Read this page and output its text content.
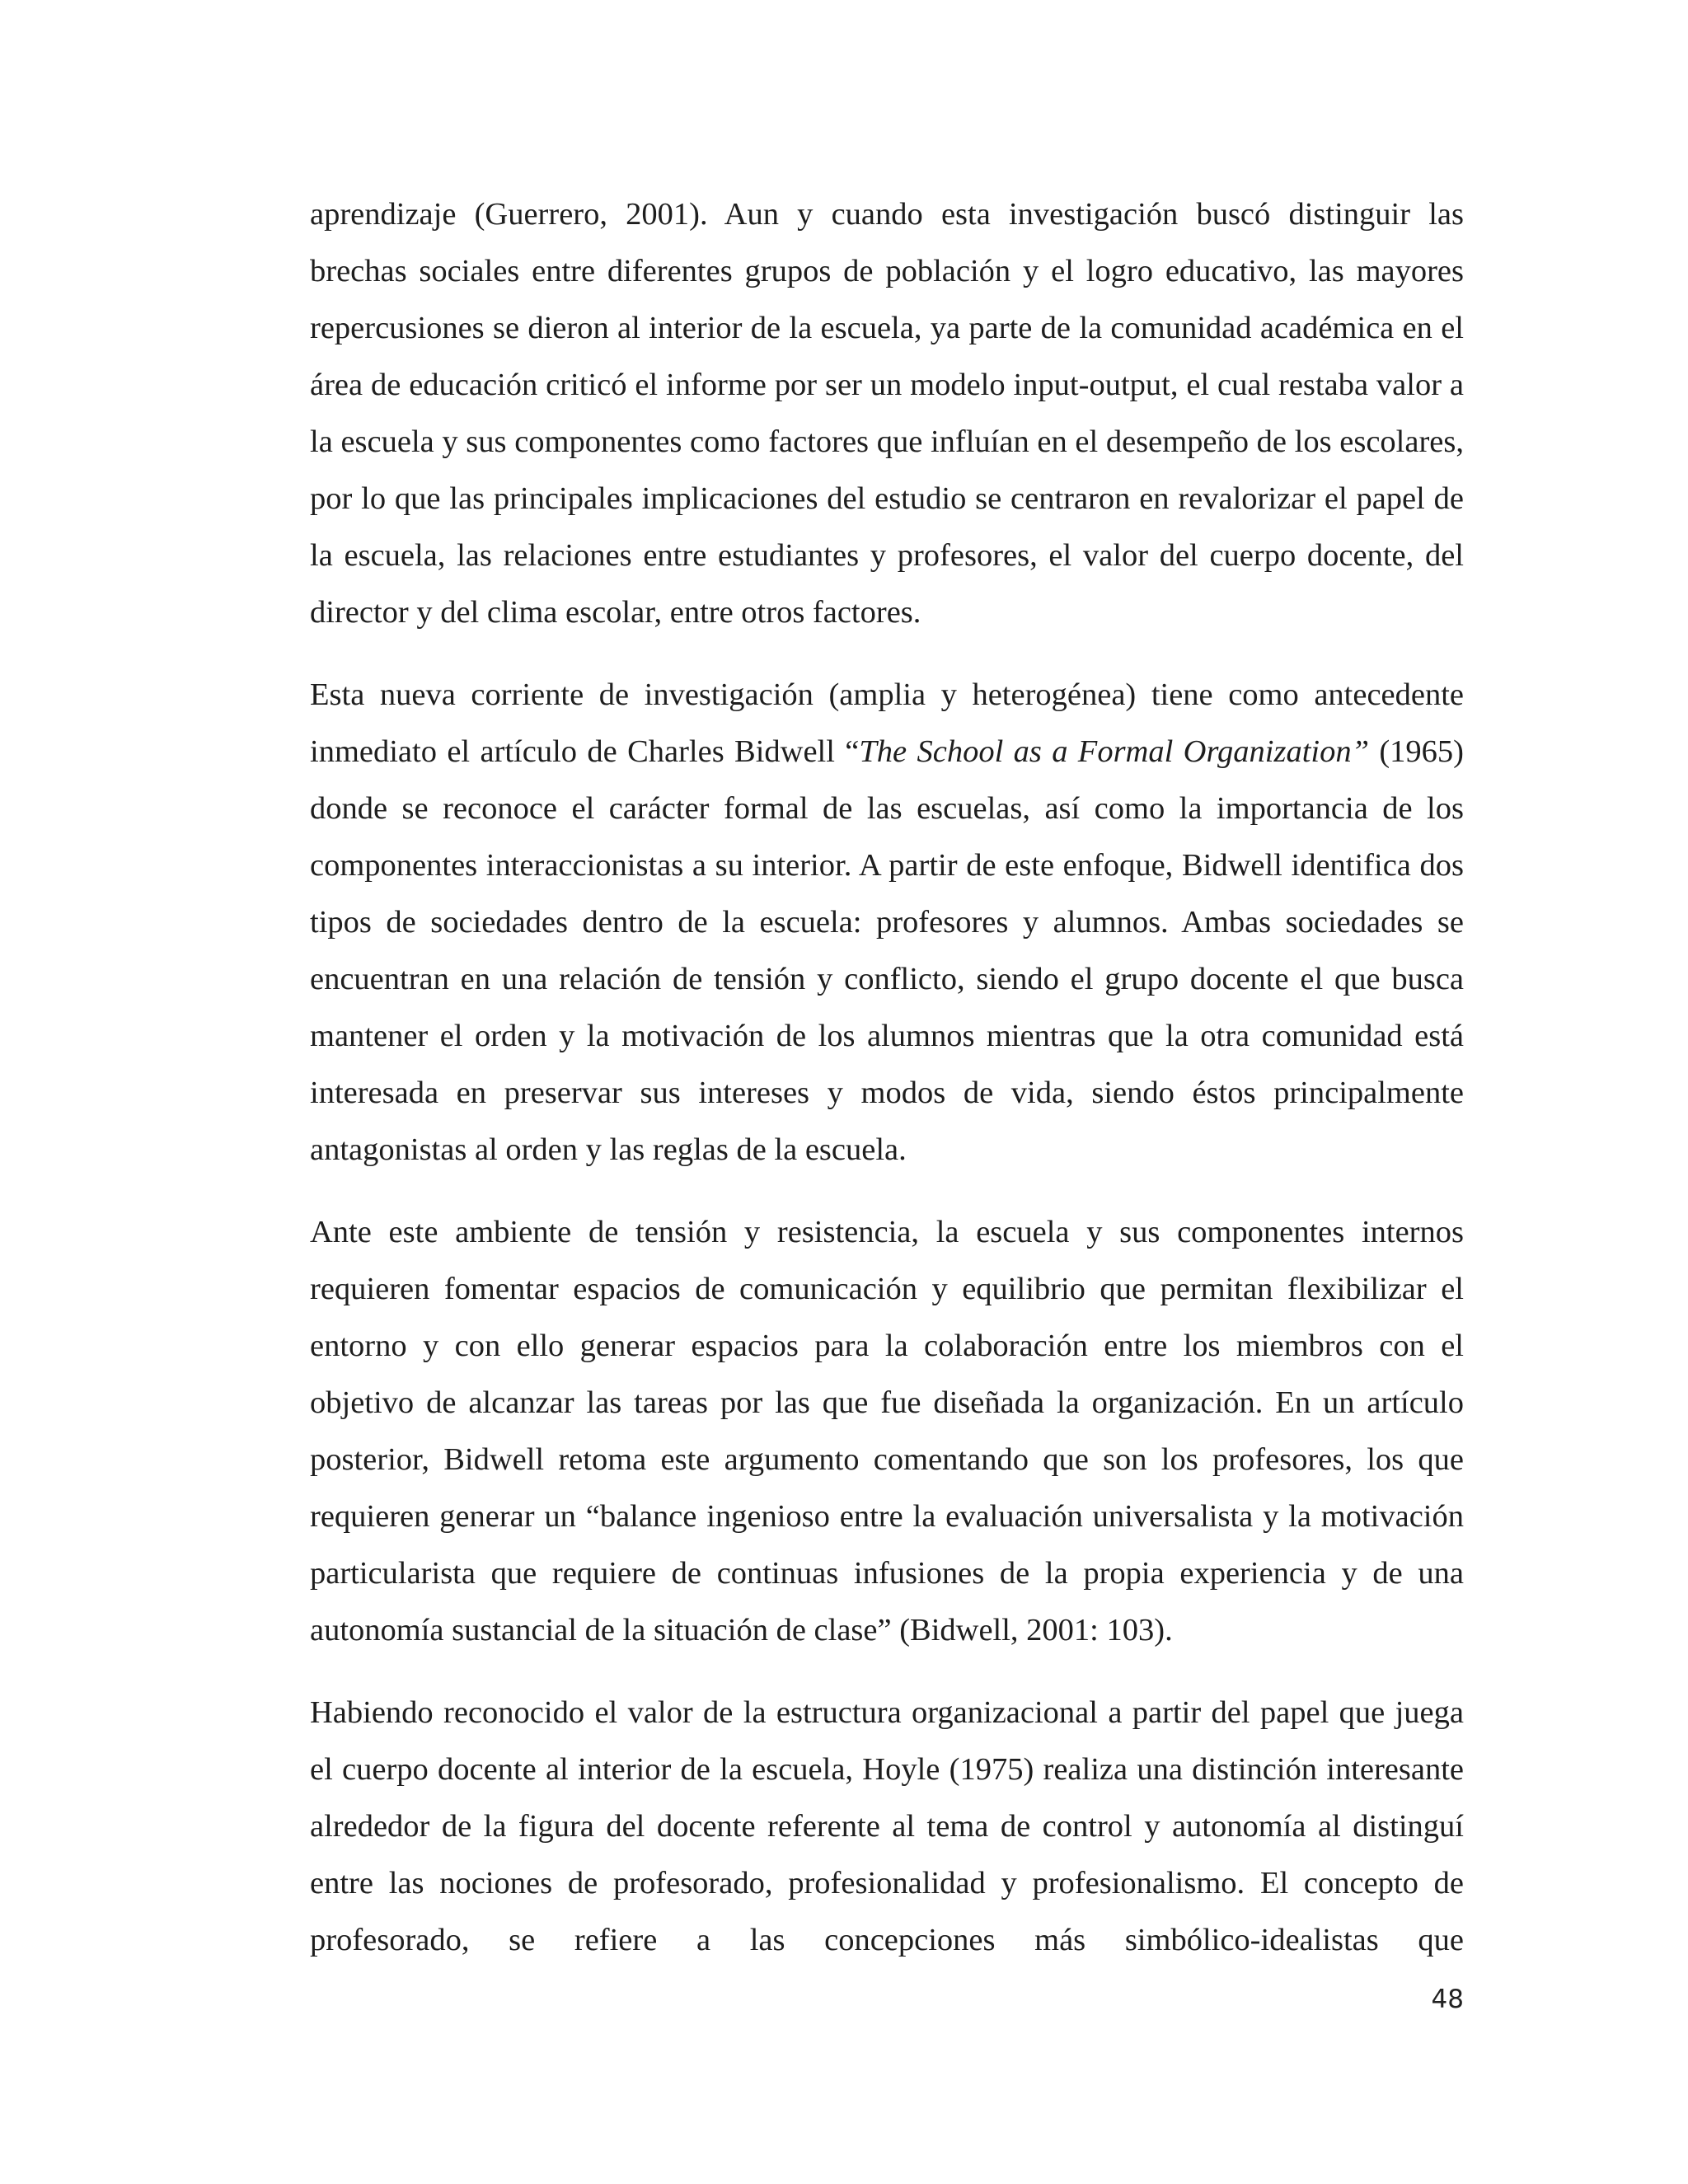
aprendizaje (Guerrero, 2001). Aun y cuando esta investigación buscó distinguir las brechas sociales entre diferentes grupos de población y el logro educativo, las mayores repercusiones se dieron al interior de la escuela, ya parte de la comunidad académica en el área de educación criticó el informe por ser un modelo input-output, el cual restaba valor a la escuela y sus componentes como factores que influían en el desempeño de los escolares, por lo que las principales implicaciones del estudio se centraron en revalorizar el papel de la escuela, las relaciones entre estudiantes y profesores, el valor del cuerpo docente, del director y del clima escolar, entre otros factores.

Esta nueva corriente de investigación (amplia y heterogénea) tiene como antecedente inmediato el artículo de Charles Bidwell “The School as a Formal Organization” (1965) donde se reconoce el carácter formal de las escuelas, así como la importancia de los componentes interaccionistas a su interior. A partir de este enfoque, Bidwell identifica dos tipos de sociedades dentro de la escuela: profesores y alumnos. Ambas sociedades se encuentran en una relación de tensión y conflicto, siendo el grupo docente el que busca mantener el orden y la motivación de los alumnos mientras que la otra comunidad está interesada en preservar sus intereses y modos de vida, siendo éstos principalmente antagonistas al orden y las reglas de la escuela.

Ante este ambiente de tensión y resistencia, la escuela y sus componentes internos requieren fomentar espacios de comunicación y equilibrio que permitan flexibilizar el entorno y con ello generar espacios para la colaboración entre los miembros con el objetivo de alcanzar las tareas por las que fue diseñada la organización. En un artículo posterior, Bidwell retoma este argumento comentando que son los profesores, los que requieren generar un “balance ingenioso entre la evaluación universalista y la motivación particularista que requiere de continuas infusiones de la propia experiencia y de una autonomía sustancial de la situación de clase” (Bidwell, 2001: 103).

Habiendo reconocido el valor de la estructura organizacional a partir del papel que juega el cuerpo docente al interior de la escuela, Hoyle (1975) realiza una distinción interesante alrededor de la figura del docente referente al tema de control y autonomía al distinguí entre las nociones de profesorado, profesionalidad y profesionalismo. El concepto de profesorado, se refiere a las concepciones más simbólico-idealistas que

48
